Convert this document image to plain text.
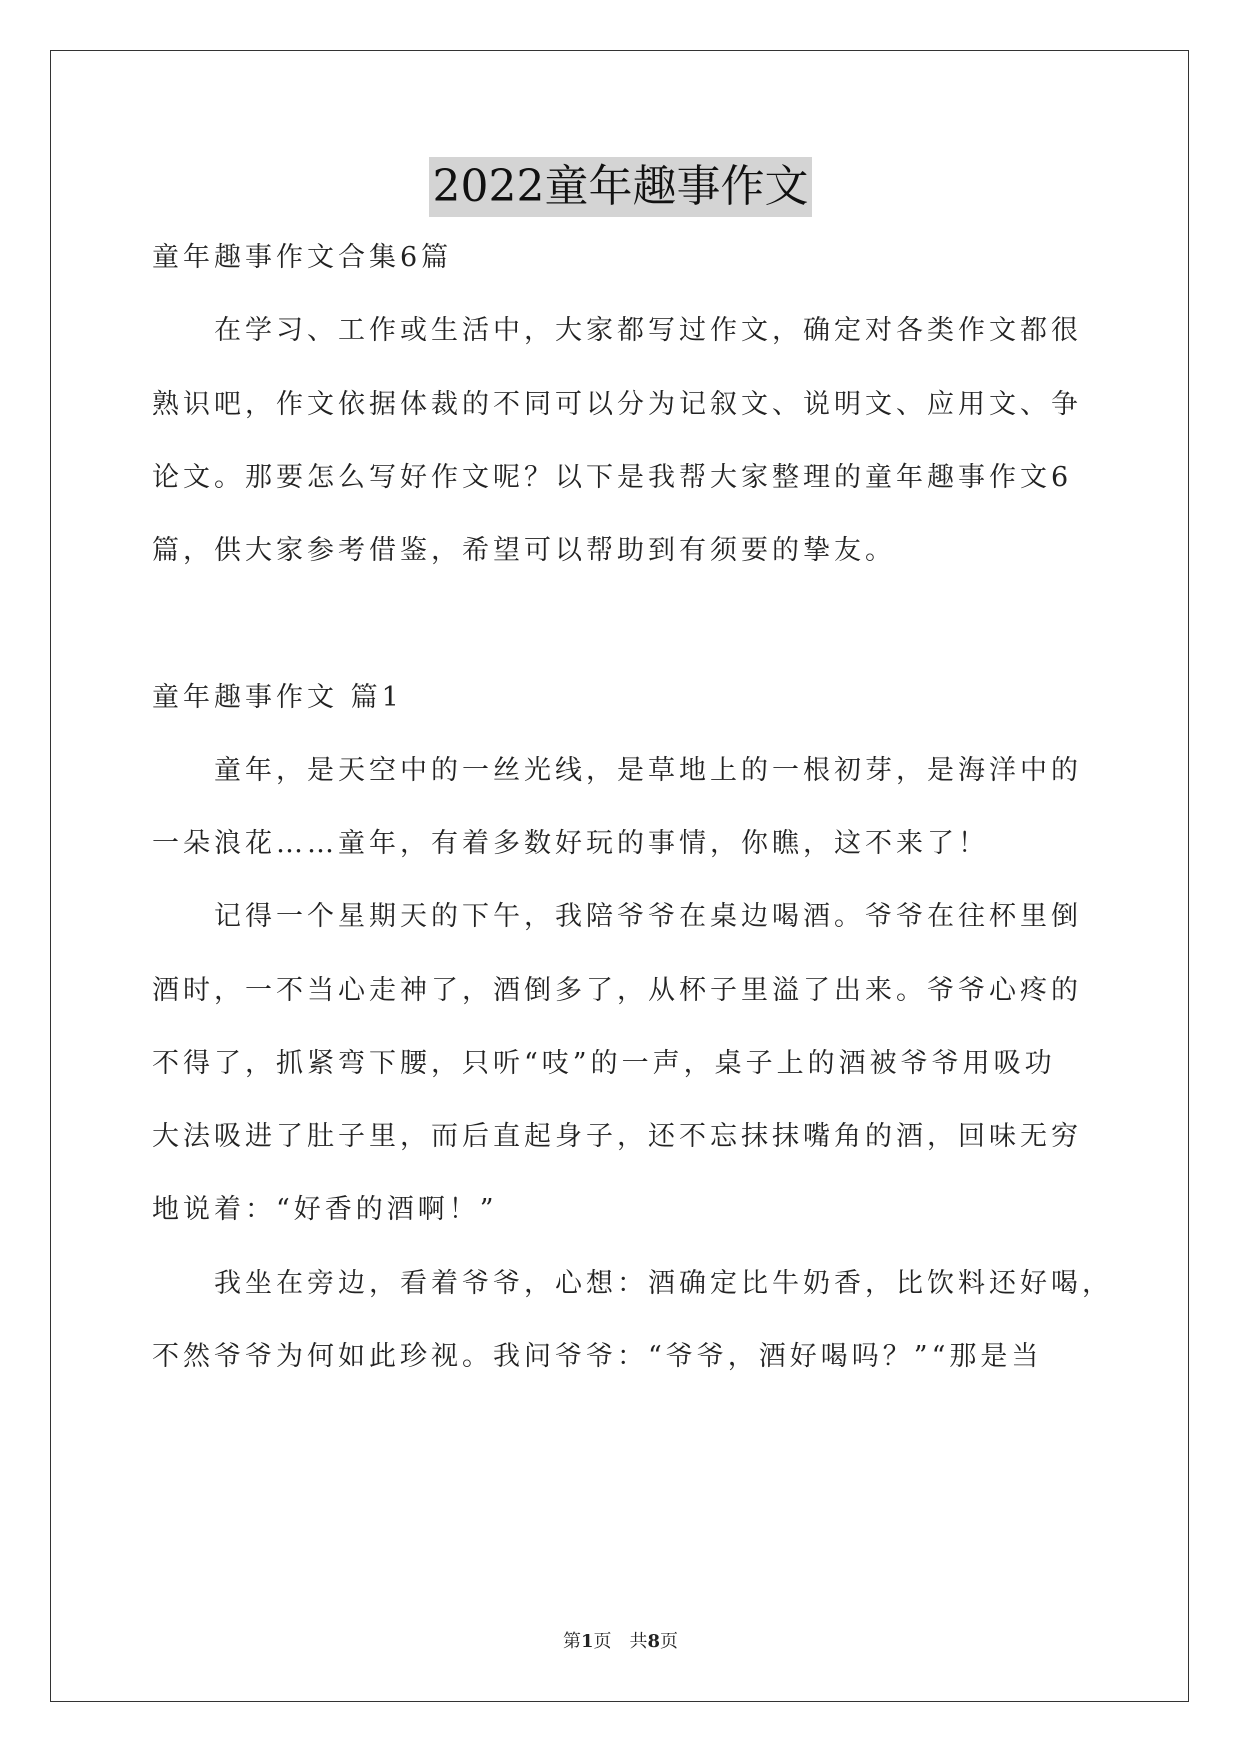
2022童年趣事作文

童年趣事作文合集6篇

在学习、工作或生活中，大家都写过作文，确定对各类作文都很

熟识吧，作文依据体裁的不同可以分为记叙文、说明文、应用文、争

论文。那要怎么写好作文呢？以下是我帮大家整理的童年趣事作文6

篇，供大家参考借鉴，希望可以帮助到有须要的挚友。

童年趣事作文 篇1

童年，是天空中的一丝光线，是草地上的一根初芽，是海洋中的

一朵浪花……童年，有着多数好玩的事情，你瞧，这不来了！

记得一个星期天的下午，我陪爷爷在桌边喝酒。爷爷在往杯里倒

酒时，一不当心走神了，酒倒多了，从杯子里溢了出来。爷爷心疼的

不得了，抓紧弯下腰，只听“吱”的一声，桌子上的酒被爷爷用吸功

大法吸进了肚子里，而后直起身子，还不忘抹抹嘴角的酒，回味无穷

地说着：“好香的酒啊！”

我坐在旁边，看着爷爷，心想：酒确定比牛奶香，比饮料还好喝，

不然爷爷为何如此珍视。我问爷爷：“爷爷，酒好喝吗？”“那是当

第1页　共8页
